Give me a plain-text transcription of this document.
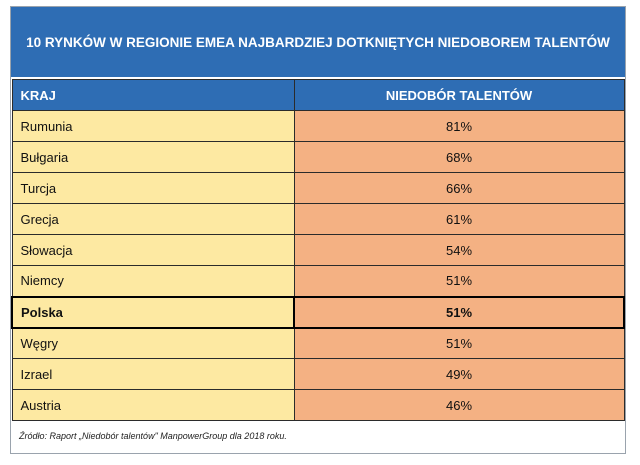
10 RYNKÓW W REGIONIE EMEA NAJBARDZIEJ DOTKNIĘTYCH NIEDOBOREM TALENTÓW
KRAJ	NIEDOBÓR TALENTÓW
Rumunia	81%
Bułgaria	68%
Turcja	66%
Grecja	61%
Słowacja	54%
Niemcy	51%
Polska	51%
Węgry	51%
Izrael	49%
Austria	46%
Źródło: Raport „Niedobór talentów" ManpowerGroup dla 2018 roku.
